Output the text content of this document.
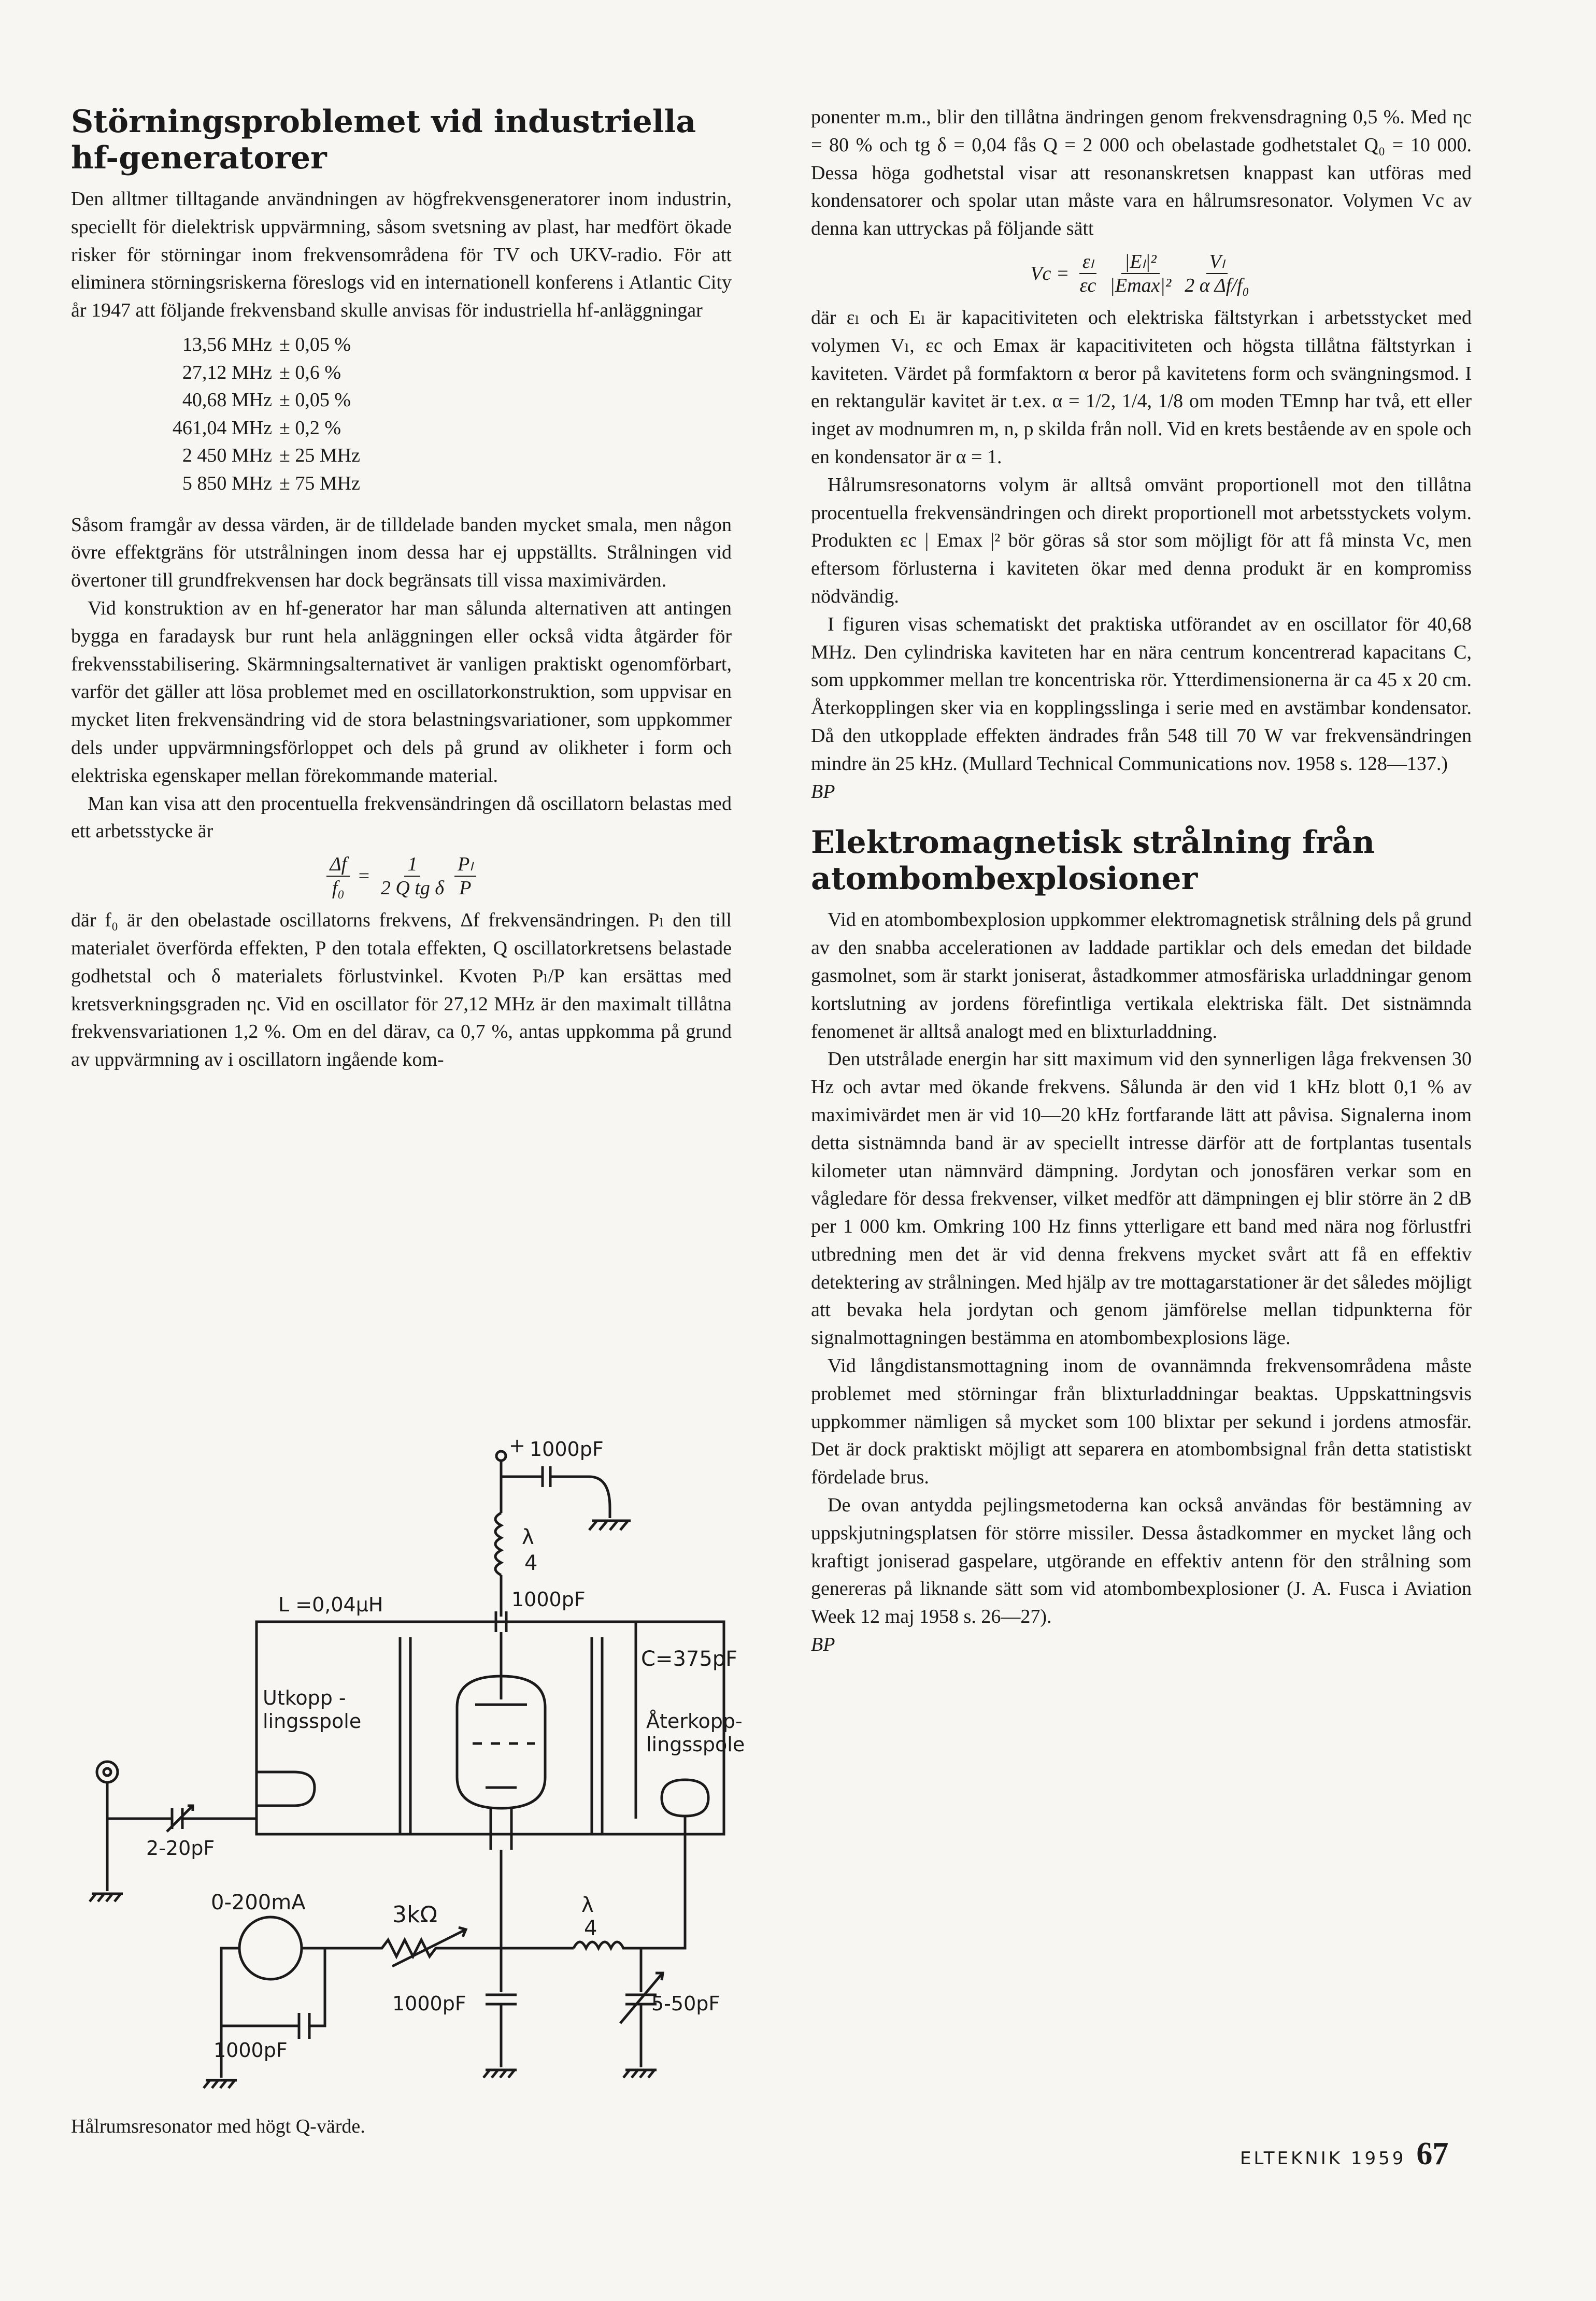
Störningsproblemet vid industriella
hf-generatorer

Den alltmer tilltagande användningen av högfrekvensgeneratorer inom industrin, speciellt för dielektrisk uppvärmning, såsom svetsning av plast, har medfört ökade risker för störningar inom frekvensområdena för TV och UKV-radio. För att eliminera störningsriskerna föreslogs vid en internationell konferens i Atlantic City år 1947 att följande frekvensband skulle anvisas för industriella hf-anläggningar

13,56 MHz ± 0,05 %
27,12 MHz ± 0,6 %
40,68 MHz ± 0,05 %
461,04 MHz ± 0,2 %
2 450 MHz ± 25 MHz
5 850 MHz ± 75 MHz

Såsom framgår av dessa värden, är de tilldelade banden mycket smala, men någon övre effektgräns för utstrålningen inom dessa har ej uppställts. Strålningen vid övertoner till grundfrekvensen har dock begränsats till vissa maximivärden.

Vid konstruktion av en hf-generator har man sålunda alternativen att antingen bygga en faradaysk bur runt hela anläggningen eller också vidta åtgärder för frekvensstabilisering. Skärmningsalternativet är vanligen praktiskt ogenomförbart, varför det gäller att lösa problemet med en oscillatorkonstruktion, som uppvisar en mycket liten frekvensändring vid de stora belastningsvariationer, som uppkommer dels under uppvärmningsförloppet och dels på grund av olikheter i form och elektriska egenskaper mellan förekommande material.

Man kan visa att den procentuella frekvensändringen då oscillatorn belastas med ett arbetsstycke är

$\frac{\Delta f}{\text{f₀}} = \frac{1}{\text{2 Q tg δ}} \frac{\text{Pₗ}}{P}$

där f₀ är den obelastade oscillatorns frekvens, Δf frekvensändringen. Pₗ den till materialet överförda effekten, P den totala effekten, Q oscillatorkretsens belastade godhetstal och δ materialets förlustvinkel. Kvoten Pₗ/P kan ersättas med kretsverkningsgraden ηc. Vid en oscillator för 27,12 MHz är den maximalt tillåtna frekvensvariationen 1,2 %. Om en del därav, ca 0,7 %, antas uppkomma på grund av uppvärmning av i oscillatorn ingående kom-

+ 1000pF
λ
4
1000pF
L =0,04μH
C=375pF
Utkopp -
lingsspole	Återkopp-
lingsspole
2-20pF
0-200mA	3kΩ	λ
4
1000pF
1000pF
5-50pF
Hålrumsresonator med högt Q-värde.

ponenter m.m., blir den tillåtna ändringen genom frekvensdragning 0,5 %. Med ηc = 80 % och tg δ = 0,04 fås Q = 2 000 och obelastade godhetstalet Q₀ = 10 000. Dessa höga godhetstal visar att resonanskretsen knappast kan utföras med kondensatorer och spolar utan måste vara en hålrumsresonator. Volymen Vc av denna kan uttryckas på följande sätt

$Vc = \frac{\text{εₗ}}{\varepsilon c} \frac{\text{|Eₗ|²}}{\text{|Emax|²}} \frac{\text{Vₗ}}{\text{2 α Δf/f₀}}$

där εₗ och Eₗ är kapacitiviteten och elektriska fältstyrkan i arbetsstycket med volymen Vₗ, εc och Emax är kapacitiviteten och högsta tillåtna fältstyrkan i kaviteten. Värdet på formfaktorn α beror på kavitetens form och svängningsmod. I en rektangulär kavitet är t.ex. α = 1/2, 1/4, 1/8 om moden TEmnp har två, ett eller inget av modnumren m, n, p skilda från noll. Vid en krets bestående av en spole och en kondensator är α = 1.

Hålrumsresonatorns volym är alltså omvänt proportionell mot den tillåtna procentuella frekvensändringen och direkt proportionell mot arbetsstyckets volym. Produkten εc | Emax |² bör göras så stor som möjligt för att få minsta Vc, men eftersom förlusterna i kaviteten ökar med denna produkt är en kompromiss nödvändig.

I figuren visas schematiskt det praktiska utförandet av en oscillator för 40,68 MHz. Den cylindriska kaviteten har en nära centrum koncentrerad kapacitans C, som uppkommer mellan tre koncentriska rör. Ytterdimensionerna är ca 45 x 20 cm. Återkopplingen sker via en kopplingsslinga i serie med en avstämbar kondensator. Då den utkopplade effekten ändrades från 548 till 70 W var frekvensändringen mindre än 25 kHz. (Mullard Technical Communications nov. 1958 s. 128—137.)

BP

Elektromagnetisk strålning från
atombombexplosioner

Vid en atombombexplosion uppkommer elektromagnetisk strålning dels på grund av den snabba accelerationen av laddade partiklar och dels emedan det bildade gasmolnet, som är starkt joniserat, åstadkommer atmosfäriska urladdningar genom kortslutning av jordens förefintliga vertikala elektriska fält. Det sistnämnda fenomenet är alltså analogt med en blixturladdning.

Den utstrålade energin har sitt maximum vid den synnerligen låga frekvensen 30 Hz och avtar med ökande frekvens. Sålunda är den vid 1 kHz blott 0,1 % av maximivärdet men är vid 10—20 kHz fortfarande lätt att påvisa. Signalerna inom detta sistnämnda band är av speciellt intresse därför att de fortplantas tusentals kilometer utan nämnvärd dämpning. Jordytan och jonosfären verkar som en vågledare för dessa frekvenser, vilket medför att dämpningen ej blir större än 2 dB per 1 000 km. Omkring 100 Hz finns ytterligare ett band med nära nog förlustfri utbredning men det är vid denna frekvens mycket svårt att få en effektiv detektering av strålningen. Med hjälp av tre mottagarstationer är det således möjligt att bevaka hela jordytan och genom jämförelse mellan tidpunkterna för signalmottagningen bestämma en atombombexplosions läge.

Vid långdistansmottagning inom de ovannämnda frekvensområdena måste problemet med störningar från blixturladdningar beaktas. Uppskattningsvis uppkommer nämligen så mycket som 100 blixtar per sekund i jordens atmosfär. Det är dock praktiskt möjligt att separera en atombombsignal från detta statistiskt fördelade brus.

De ovan antydda pejlingsmetoderna kan också användas för bestämning av uppskjutningsplatsen för större missiler. Dessa åstadkommer en mycket lång och kraftigt joniserad gaspelare, utgörande en effektiv antenn för den strålning som genereras på liknande sätt som vid atombombexplosioner (J. A. Fusca i Aviation Week 12 maj 1958 s. 26—27).

BP

ELTEKNIK 1959 67
